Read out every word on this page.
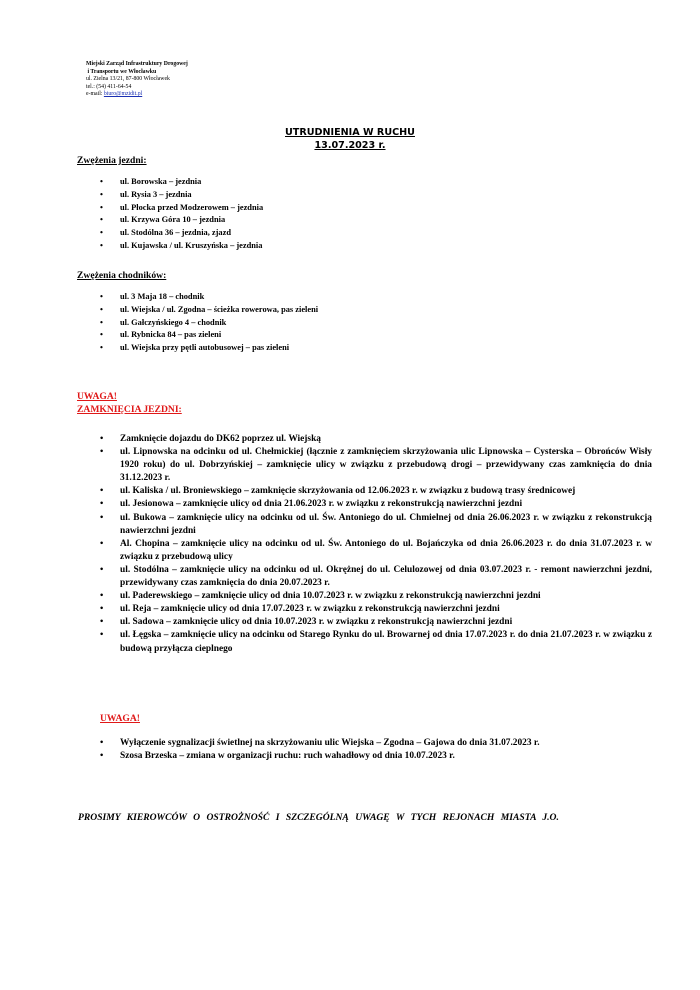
Miejski Zarząd Infrastruktury Drogowej
i Transportu we Włocławku
ul. Zielna 13/21, 87-800 Włocławek
tel.: (54) 411-64-54
e-mail: biuro@mzidit.pl
UTRUDNIENIA W RUCHU
13.07.2023 r.
Zwężenia jezdni:
• ul. Borowska – jezdnia
• ul. Rysia 3 – jezdnia
• ul. Płocka przed Modzerowem – jezdnia
• ul. Krzywa Góra 10 – jezdnia
• ul. Stodólna 36 – jezdnia, zjazd
• ul. Kujawska / ul. Kruszyńska – jezdnia
Zwężenia chodników:
• ul. 3 Maja 18 – chodnik
• ul. Wiejska / ul. Zgodna – ścieżka rowerowa, pas zieleni
• ul. Gałczyńskiego 4 – chodnik
• ul. Rybnicka 84 – pas zieleni
• ul. Wiejska przy pętli autobusowej – pas zieleni
UWAGA!
ZAMKNIĘCIA JEZDNI:
• Zamknięcie dojazdu do DK62 poprzez ul. Wiejską
• ul. Lipnowska na odcinku od ul. Chełmickiej (łącznie z zamknięciem skrzyżowania ulic Lipnowska – Cysterska – Obrońców Wisły 1920 roku) do ul. Dobrzyńskiej – zamknięcie ulicy w związku z przebudową drogi – przewidywany czas zamknięcia do dnia 31.12.2023 r.
• ul. Kaliska / ul. Broniewskiego – zamknięcie skrzyżowania od 12.06.2023 r. w związku z budową trasy średnicowej
• ul. Jesionowa – zamknięcie ulicy od dnia 21.06.2023 r. w związku z rekonstrukcją nawierzchni jezdni
• ul. Bukowa – zamknięcie ulicy na odcinku od ul. Św. Antoniego do ul. Chmielnej od dnia 26.06.2023 r. w związku z rekonstrukcją nawierzchni jezdni
• Al. Chopina – zamknięcie ulicy na odcinku od ul. Św. Antoniego do ul. Bojańczyka od dnia 26.06.2023 r. do dnia 31.07.2023 r. w związku z przebudową ulicy
• ul. Stodólna – zamknięcie ulicy na odcinku od ul. Okrężnej do ul. Celulozowej od dnia 03.07.2023 r. - remont nawierzchni jezdni, przewidywany czas zamknięcia do dnia 20.07.2023 r.
• ul. Paderewskiego – zamknięcie ulicy od dnia 10.07.2023 r. w związku z rekonstrukcją nawierzchni jezdni
• ul. Reja – zamknięcie ulicy od dnia 17.07.2023 r. w związku z rekonstrukcją nawierzchni jezdni
• ul. Sadowa – zamknięcie ulicy od dnia 10.07.2023 r. w związku z rekonstrukcją nawierzchni jezdni
• ul. Łęgska – zamknięcie ulicy na odcinku od Starego Rynku do ul. Browarnej od dnia 17.07.2023 r. do dnia 21.07.2023 r. w związku z budową przyłącza cieplnego
UWAGA!
• Wyłączenie sygnalizacji świetlnej na skrzyżowaniu ulic Wiejska – Zgodna – Gajowa do dnia 31.07.2023 r.
• Szosa Brzeska – zmiana w organizacji ruchu: ruch wahadłowy od dnia 10.07.2023 r.
PROSIMY KIEROWCÓW O OSTROŻNOŚĆ I SZCZEGÓLNĄ UWAGĘ W TYCH REJONACH MIASTA J.O.
